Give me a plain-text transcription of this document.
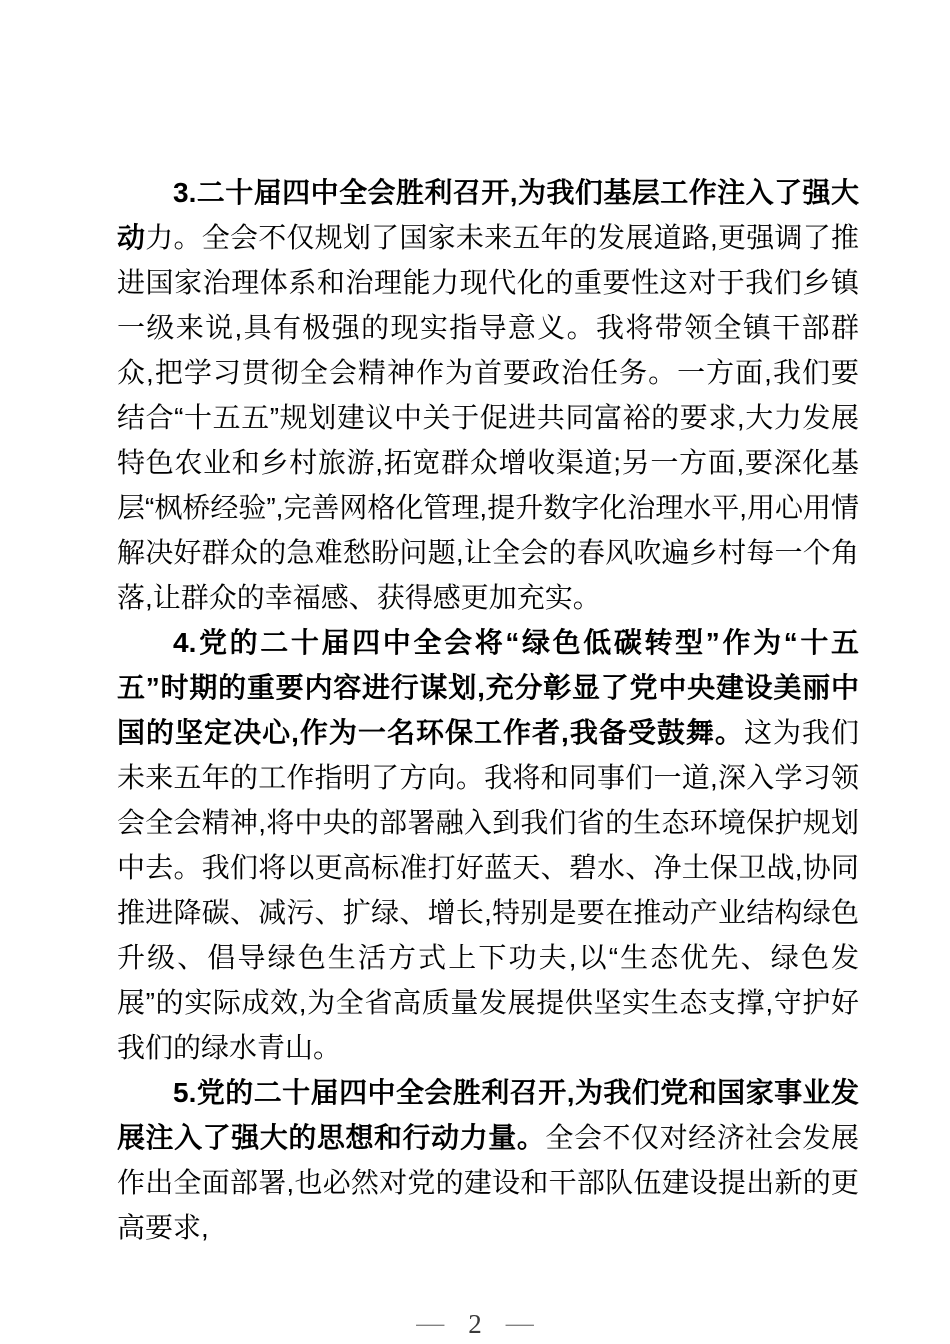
3.二十届四中全会胜利召开,为我们基层工作注入了强大动力。全会不仅规划了国家未来五年的发展道路,更强调了推进国家治理体系和治理能力现代化的重要性这对于我们乡镇一级来说,具有极强的现实指导意义。我将带领全镇干部群众,把学习贯彻全会精神作为首要政治任务。一方面,我们要结合“十五五”规划建议中关于促进共同富裕的要求,大力发展特色农业和乡村旅游,拓宽群众增收渠道;另一方面,要深化基层“枫桥经验”,完善网格化管理,提升数字化治理水平,用心用情解决好群众的急难愁盼问题,让全会的春风吹遍乡村每一个角落,让群众的幸福感、获得感更加充实。

4.党的二十届四中全会将“绿色低碳转型”作为“十五五”时期的重要内容进行谋划,充分彰显了党中央建设美丽中国的坚定决心,作为一名环保工作者,我备受鼓舞。这为我们未来五年的工作指明了方向。我将和同事们一道,深入学习领会全会精神,将中央的部署融入到我们省的生态环境保护规划中去。我们将以更高标准打好蓝天、碧水、净土保卫战,协同推进降碳、减污、扩绿、增长,特别是要在推动产业结构绿色升级、倡导绿色生活方式上下功夫,以“生态优先、绿色发展”的实际成效,为全省高质量发展提供坚实生态支撑,守护好我们的绿水青山。

5.党的二十届四中全会胜利召开,为我们党和国家事业发展注入了强大的思想和行动力量。全会不仅对经济社会发展作出全面部署,也必然对党的建设和干部队伍建设提出新的更高要求,

— 2 —
